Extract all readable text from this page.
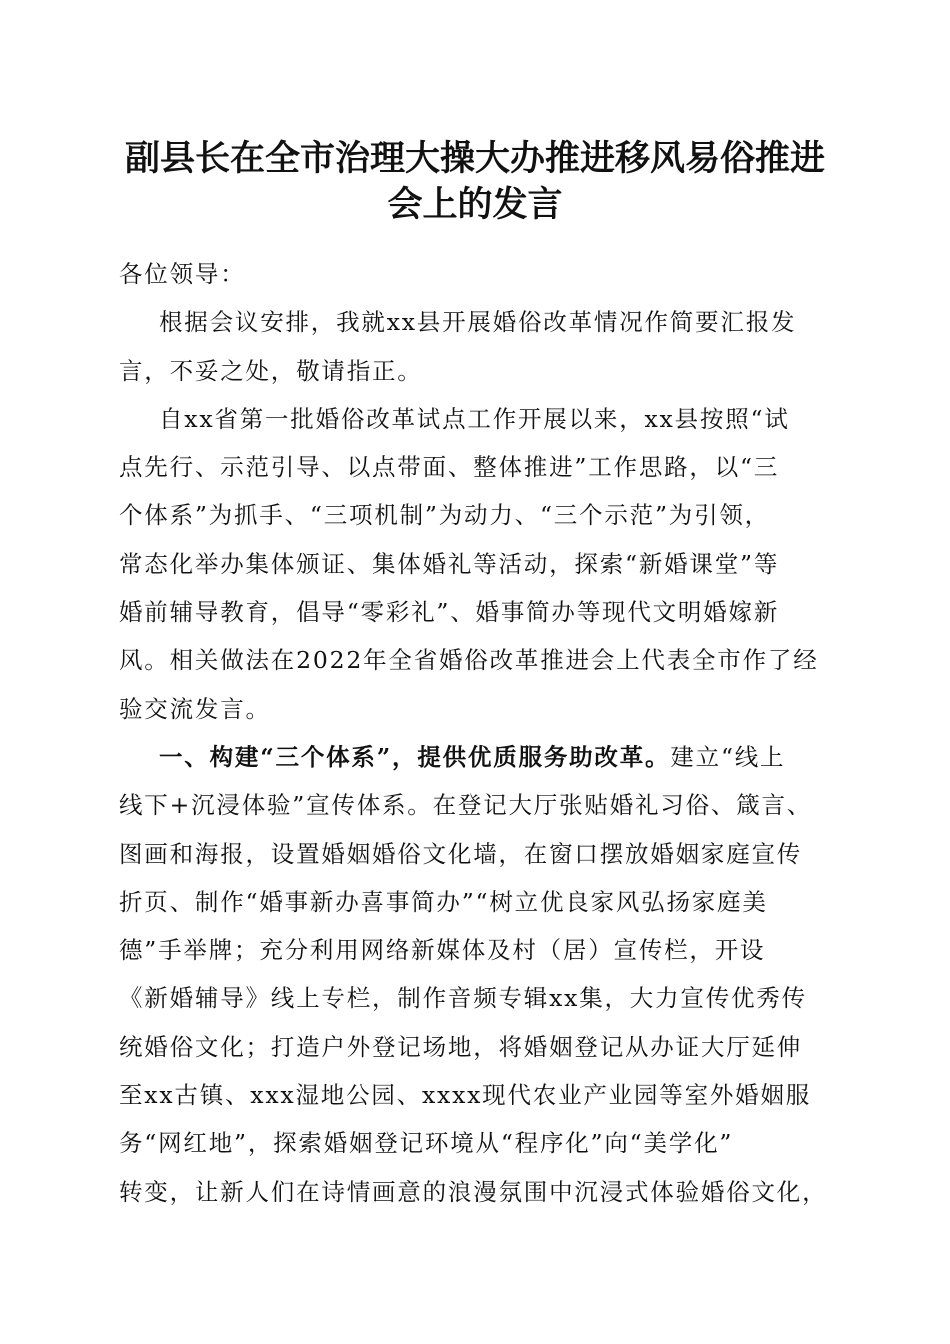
副县长在全市治理大操大办推进移风易俗推进
会上的发言
各位领导：
根据会议安排，我就xx县开展婚俗改革情况作简要汇报发
言，不妥之处，敬请指正。
自xx省第一批婚俗改革试点工作开展以来，xx县按照“试
点先行、示范引导、以点带面、整体推进”工作思路，以“三
个体系”为抓手、“三项机制”为动力、“三个示范”为引领，
常态化举办集体颁证、集体婚礼等活动，探索“新婚课堂”等
婚前辅导教育，倡导“零彩礼”、婚事简办等现代文明婚嫁新
风。相关做法在2022年全省婚俗改革推进会上代表全市作了经
验交流发言。
一、构建“三个体系”，提供优质服务助改革。建立“线上
线下+沉浸体验”宣传体系。在登记大厅张贴婚礼习俗、箴言、
图画和海报，设置婚姻婚俗文化墙，在窗口摆放婚姻家庭宣传
折页、制作“婚事新办喜事简办”“树立优良家风弘扬家庭美
德”手举牌；充分利用网络新媒体及村（居）宣传栏，开设
《新婚辅导》线上专栏，制作音频专辑xx集，大力宣传优秀传
统婚俗文化；打造户外登记场地，将婚姻登记从办证大厅延伸
至xx古镇、xxx湿地公园、xxxx现代农业产业园等室外婚姻服
务“网红地”，探索婚姻登记环境从“程序化”向“美学化”
转变，让新人们在诗情画意的浪漫氛围中沉浸式体验婚俗文化，
